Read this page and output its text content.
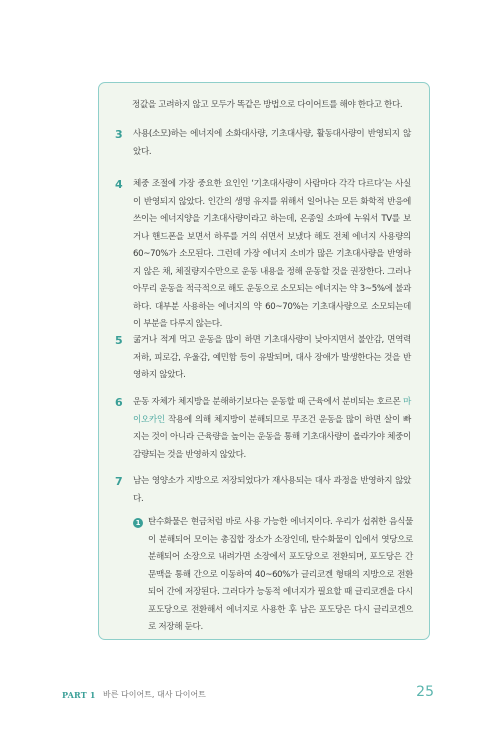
정값을 고려하지 않고 모두가 똑같은 방법으로 다이어트를 해야 한다고 한다.
3 사용(소모)하는 에너지에 소화대사량, 기초대사량, 활동대사량이 반영되지 않았다.
4 체중 조절에 가장 중요한 요인인 ‘기초대사량이 사람마다 각각 다르다’는 사실이 반영되지 않았다. 인간의 생명 유지를 위해서 일어나는 모든 화학적 반응에 쓰이는 에너지양을 기초대사량이라고 하는데, 온종일 소파에 누워서 TV를 보거나 핸드폰을 보면서 하루를 거의 쉬면서 보냈다 해도 전체 에너지 사용량의 60~70%가 소모된다. 그런데 가장 에너지 소비가 많은 기초대사량을 반영하지 않은 채, 체질량지수만으로 운동 내용을 정해 운동할 것을 권장한다. 그러나 아무리 운동을 적극적으로 해도 운동으로 소모되는 에너지는 약 3~5%에 불과하다. 대부분 사용하는 에너지의 약 60~70%는 기초대사량으로 소모되는데 이 부분을 다루지 않는다.
5 굶거나 적게 먹고 운동을 많이 하면 기초대사량이 낮아지면서 불안감, 면역력 저하, 피로감, 우울감, 예민함 등이 유발되며, 대사 장애가 발생한다는 것을 반영하지 않았다.
6 운동 자체가 체지방을 분해하기보다는 운동할 때 근육에서 분비되는 호르몬 마이오카인 작용에 의해 체지방이 분해되므로 무조건 운동을 많이 하면 살이 빠지는 것이 아니라 근육량을 높이는 운동을 통해 기초대사량이 올라가야 체중이 감량되는 것을 반영하지 않았다.
7 남는 영양소가 지방으로 저장되었다가 재사용되는 대사 과정을 반영하지 않았다.
1 탄수화물은 현금처럼 바로 사용 가능한 에너지이다. 우리가 섭취한 음식물이 분해되어 모이는 총집합 장소가 소장인데, 탄수화물이 입에서 엿당으로 분해되어 소장으로 내려가면 소장에서 포도당으로 전환되며, 포도당은 간문맥을 통해 간으로 이동하여 40~60%가 글리코겐 형태의 지방으로 전환되어 간에 저장된다. 그러다가 능동적 에너지가 필요할 때 글리코겐을 다시 포도당으로 전환해서 에너지로 사용한 후 남은 포도당은 다시 글리코겐으로 저장해 둔다.
PART 1 바른 다이어트, 대사 다이어트	25
